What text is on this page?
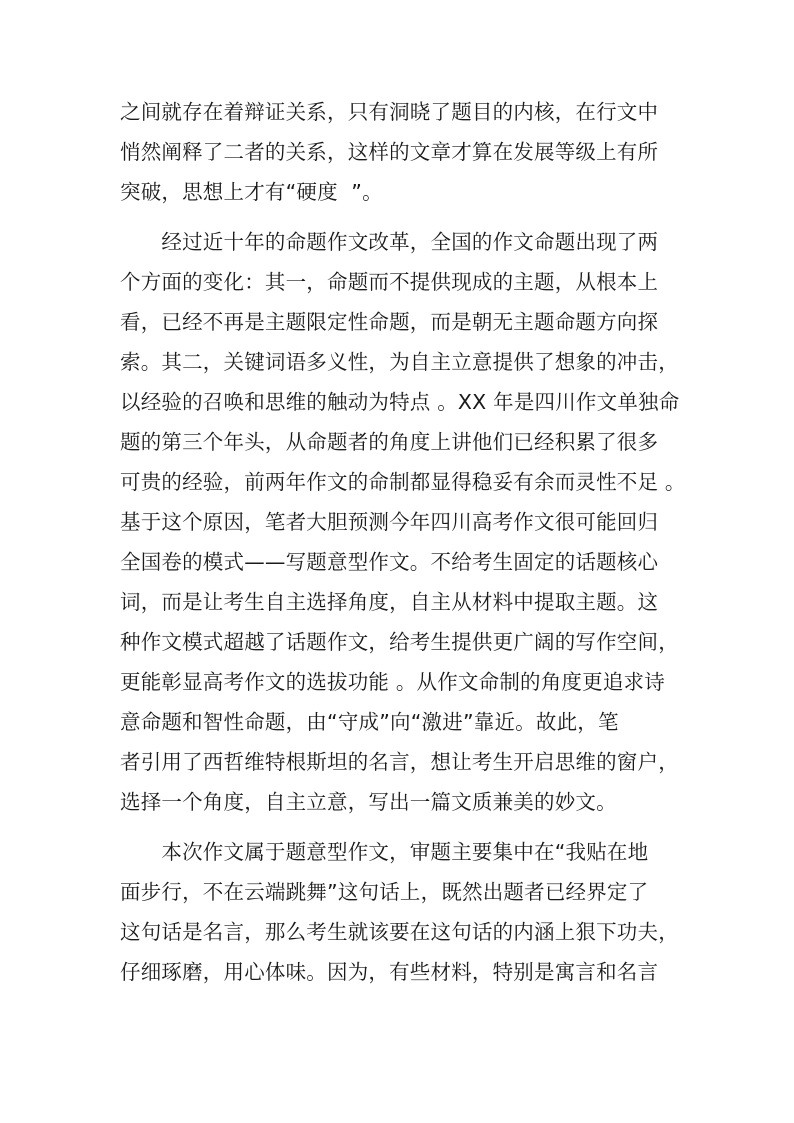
之间就存在着辩证关系，只有洞晓了题目的内核，在行文中
悄然阐释了二者的关系，这样的文章才算在发展等级上有所
突破，思想上才有“硬度  ”。
　　经过近十年的命题作文改革，全国的作文命题出现了两
个方面的变化：其一，命题而不提供现成的主题，从根本上
看，已经不再是主题限定性命题，而是朝无主题命题方向探
索。其二，关键词语多义性，为自主立意提供了想象的冲击，
以经验的召唤和思维的触动为特点 。XX 年是四川作文单独命
题的第三个年头，从命题者的角度上讲他们已经积累了很多
可贵的经验，前两年作文的命制都显得稳妥有余而灵性不足 。
基于这个原因，笔者大胆预测今年四川高考作文很可能回归
全国卷的模式——写题意型作文。不给考生固定的话题核心
词，而是让考生自主选择角度，自主从材料中提取主题。这
种作文模式超越了话题作文，给考生提供更广阔的写作空间，
更能彰显高考作文的选拔功能 。从作文命制的角度更追求诗
意命题和智性命题，由“守成”向“激进”靠近。故此，笔
者引用了西哲维特根斯坦的名言，想让考生开启思维的窗户，
选择一个角度，自主立意，写出一篇文质兼美的妙文。
　　本次作文属于题意型作文，审题主要集中在“我贴在地
面步行，不在云端跳舞”这句话上，既然出题者已经界定了
这句话是名言，那么考生就该要在这句话的内涵上狠下功夫，
仔细琢磨，用心体味。因为，有些材料，特别是寓言和名言
